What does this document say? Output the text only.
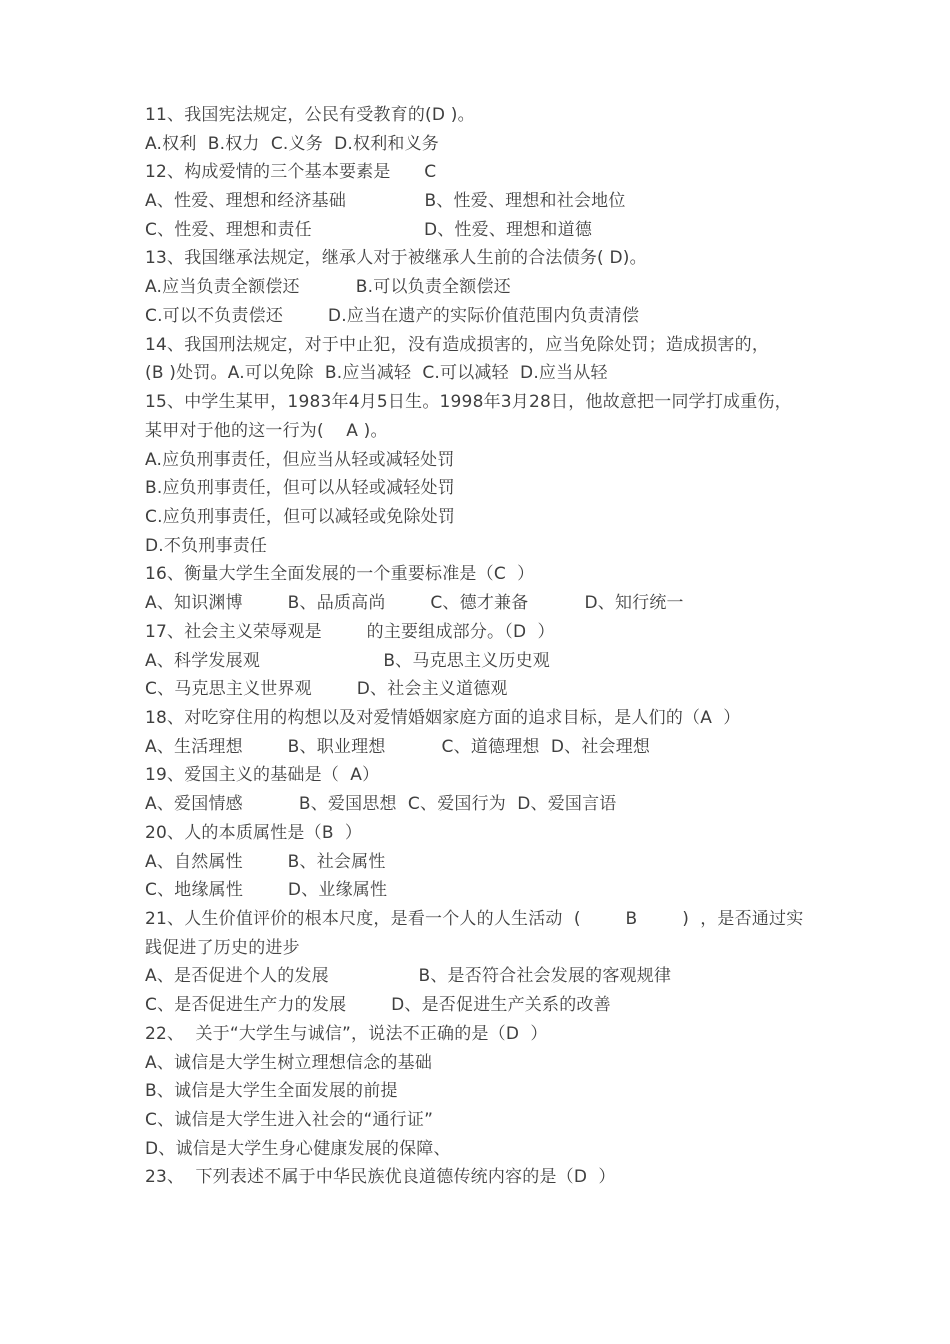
11、我国宪法规定，公民有受教育的(D )。
A.权利  B.权力  C.义务  D.权利和义务
12、构成爱情的三个基本要素是      C
A、性爱、理想和经济基础              B、性爱、理想和社会地位
C、性爱、理想和责任                    D、性爱、理想和道德
13、我国继承法规定，继承人对于被继承人生前的合法债务( D)。
A.应当负责全额偿还          B.可以负责全额偿还
C.可以不负责偿还        D.应当在遗产的实际价值范围内负责清偿
14、我国刑法规定，对于中止犯，没有造成损害的，应当免除处罚；造成损害的，
(B )处罚。A.可以免除  B.应当减轻  C.可以减轻  D.应当从轻
15、中学生某甲，1983年4月5日生。1998年3月28日，他故意把一同学打成重伤，
某甲对于他的这一行为(    A )。
A.应负刑事责任，但应当从轻或减轻处罚
B.应负刑事责任，但可以从轻或减轻处罚
C.应负刑事责任，但可以减轻或免除处罚
D.不负刑事责任
16、衡量大学生全面发展的一个重要标准是（C  ）
A、知识渊博        B、品质高尚        C、德才兼备          D、知行统一
17、社会主义荣辱观是        的主要组成部分。（D  ）
A、科学发展观                      B、马克思主义历史观
C、马克思主义世界观        D、社会主义道德观
18、对吃穿住用的构想以及对爱情婚姻家庭方面的追求目标，是人们的（A  ）
A、生活理想        B、职业理想          C、道德理想  D、社会理想
19、爱国主义的基础是（  A）
A、爱国情感          B、爱国思想  C、爱国行为  D、爱国言语
20、人的本质属性是（B  ）
A、自然属性        B、社会属性
C、地缘属性        D、业缘属性
21、人生价值评价的根本尺度，是看一个人的人生活动  (        B        )  ，是否通过实
践促进了历史的进步
A、是否促进个人的发展                B、是否符合社会发展的客观规律
C、是否促进生产力的发展        D、是否促进生产关系的改善
22、  关于“大学生与诚信”，说法不正确的是（D  ）
A、诚信是大学生树立理想信念的基础
B、诚信是大学生全面发展的前提
C、诚信是大学生进入社会的“通行证”
D、诚信是大学生身心健康发展的保障、
23、  下列表述不属于中华民族优良道德传统内容的是（D  ）
